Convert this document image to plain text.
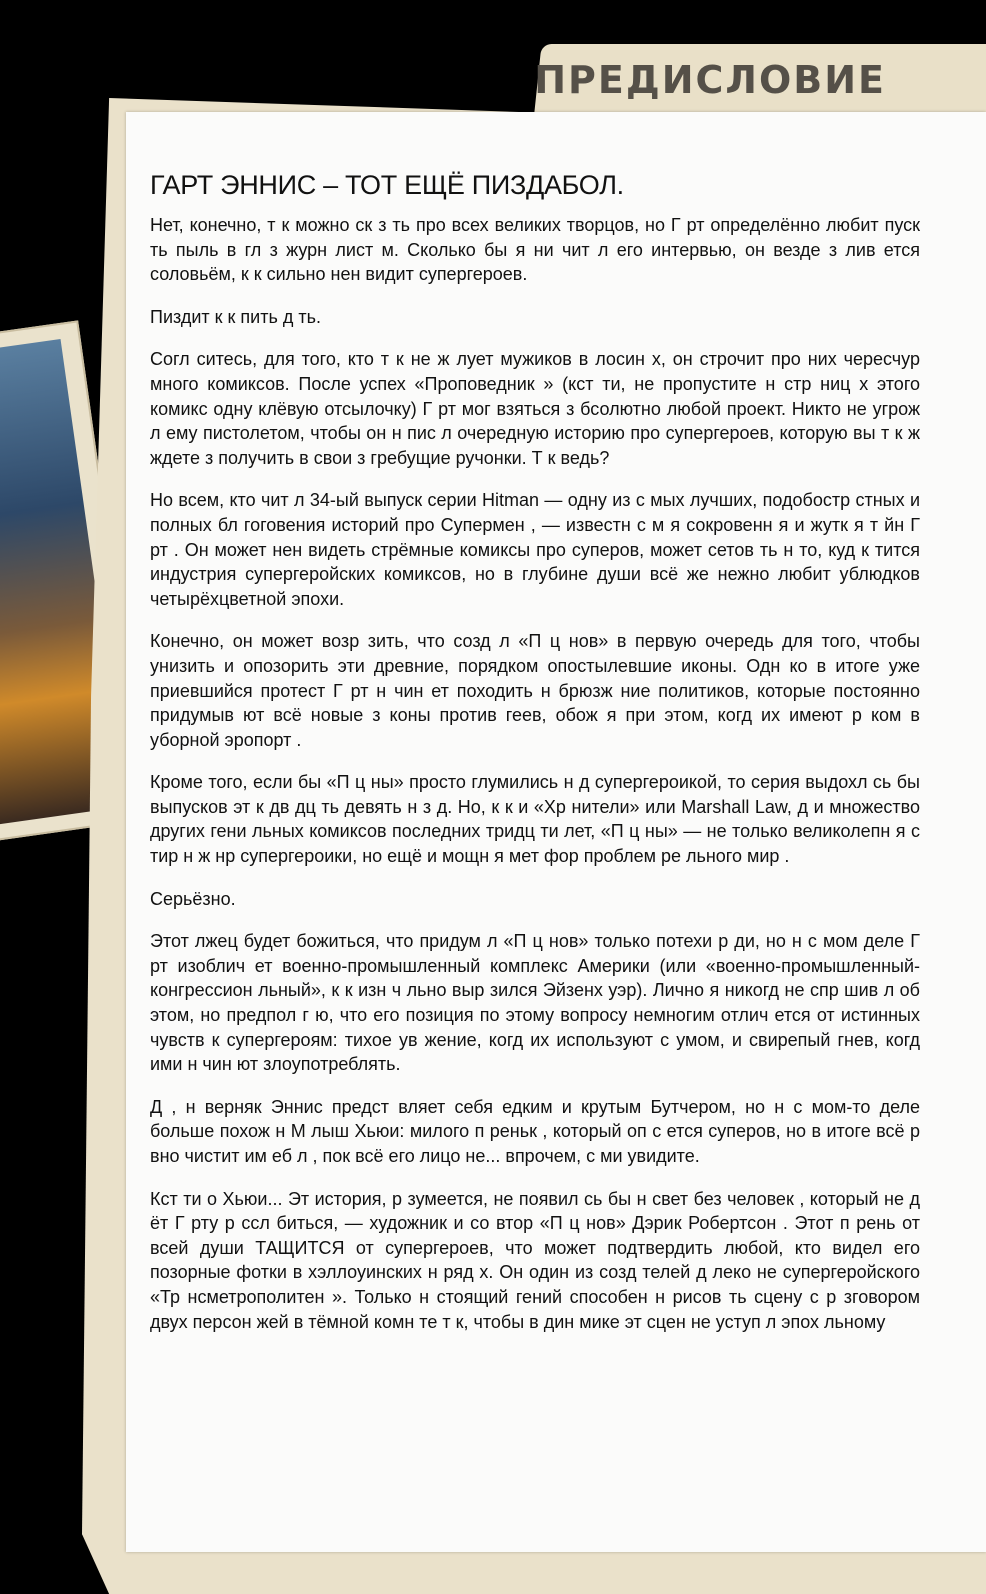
ПРЕДИСЛОВИЕ
ГАРТ ЭННИС – ТОТ ЕЩЁ ПИЗДАБОЛ.

Нет, конечно, т к можно ск з ть про всех великих творцов, но Г рт определённо любит пуск ть пыль в гл з журн лист м. Сколько бы я ни чит л его интервью, он везде з лив ется соловьём, к к сильно нен видит супергероев.

Пиздит к к пить д ть.

Согл ситесь, для того, кто т к не ж лует мужиков в лосин х, он строчит про них чересчур много комиксов. После успех «Проповедник » (кст ти, не пропустите н стр ниц х этого комикс одну клёвую отсылочку) Г рт мог взяться з бсолютно любой проект. Никто не угрож л ему пистолетом, чтобы он н пис л очередную историю про супергероев, которую вы т к ж ждете з получить в свои з гребущие ручонки. Т к ведь?

Но всем, кто чит л 34-ый выпуск серии Hitman — одну из с мых лучших, подобостр стных и полных бл гоговения историй про Супермен , — известн с м я сокровенн я и жутк я т йн Г рт . Он может нен видеть стрёмные комиксы про суперов, может сетов ть н то, куд к тится индустрия супергеройских комиксов, но в глубине души всё же нежно любит ублюдков четырёхцветной эпохи.

Конечно, он может возр зить, что созд л «П ц нов» в первую очередь для того, чтобы унизить и опозорить эти древние, порядком опостылевшие иконы. Одн ко в итоге уже приевшийся протест Г рт н чин ет походить н брюзж ние политиков, которые постоянно придумыв ют всё новые з коны против геев, обож я при этом, когд их имеют р ком в уборной эропорт .

Кроме того, если бы «П ц ны» просто глумились н д супергероикой, то серия выдохл сь бы выпусков эт к дв дц ть девять н з д. Но, к к и «Хр нители» или Marshall Law, д и множество других гени льных комиксов последних тридц ти лет, «П ц ны» — не только великолепн я с тир н ж нр супергероики, но ещё и мощн я мет фор проблем ре льного мир .

Серьёзно.

Этот лжец будет божиться, что придум л «П ц нов» только потехи р ди, но н с мом деле Г рт изоблич ет военно-промышленный комплекс Америки (или «военно-промышленный-конгрессион льный», к к изн ч льно выр зился Эйзенх уэр). Лично я никогд не спр шив л об этом, но предпол г ю, что его позиция по этому вопросу немногим отлич ется от истинных чувств к супергероям: тихое ув жение, когд их используют с умом, и свирепый гнев, когд ими н чин ют злоупотреблять.

Д , н верняк Эннис предст вляет себя едким и крутым Бутчером, но н с мом-то деле больше похож н М лыш Хьюи: милого п реньк , который оп с ется суперов, но в итоге всё р вно чистит им еб л , пок всё его лицо не... впрочем, с ми увидите.

Кст ти о Хьюи... Эт история, р зумеется, не появил сь бы н свет без человек , который не д ёт Г рту р ссл биться, — художник и со втор «П ц нов» Дэрик Робертсон . Этот п рень от всей души ТАЩИТСЯ от супергероев, что может подтвердить любой, кто видел его позорные фотки в хэллоуинских н ряд х. Он один из созд телей д леко не супергеройского «Тр нсметрополитен ». Только н стоящий гений способен н рисов ть сцену с р зговором двух персон жей в тёмной комн те т к, чтобы в дин мике эт сцен не уступ л эпох льному
